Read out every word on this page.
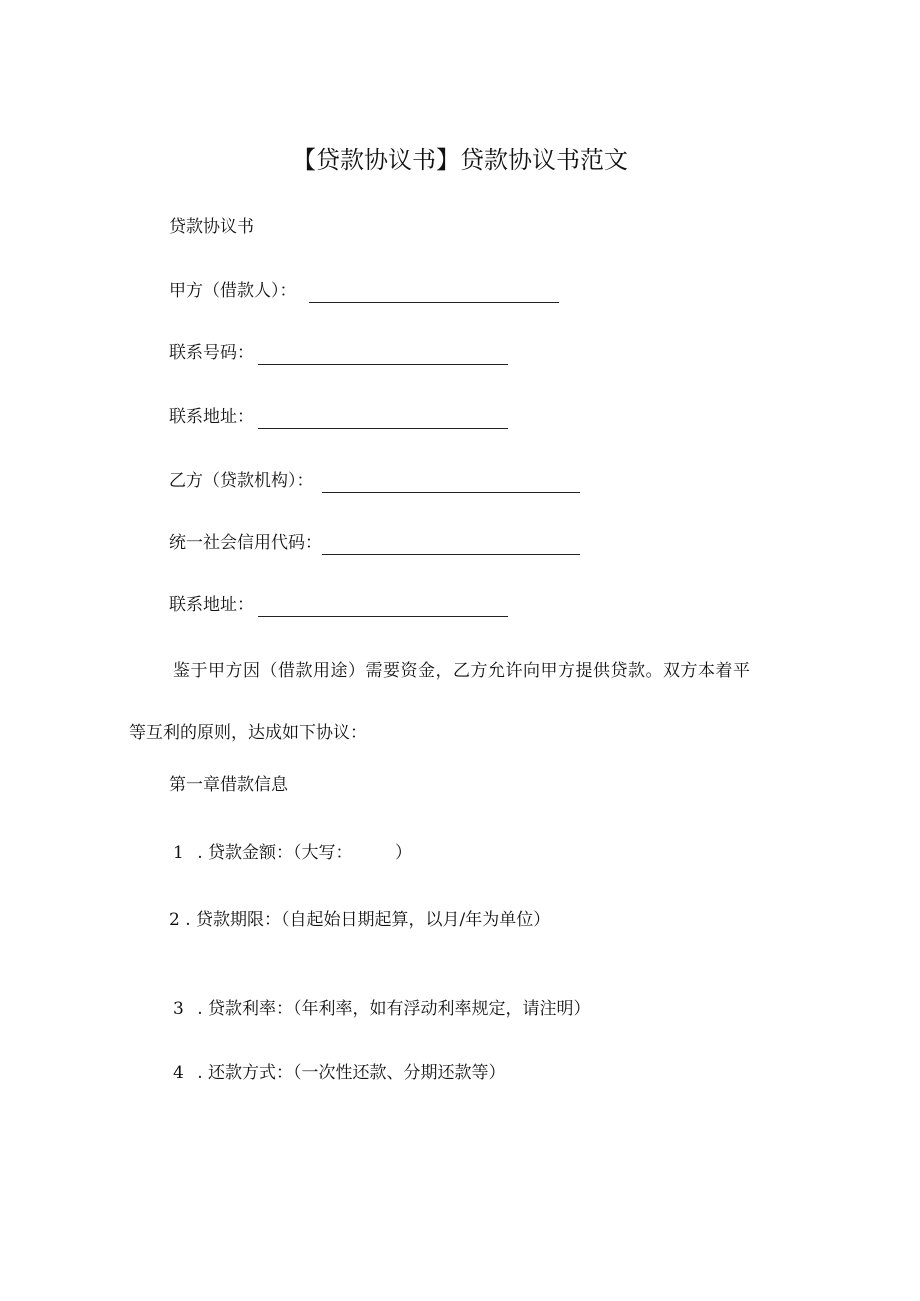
【贷款协议书】贷款协议书范文
贷款协议书
甲方（借款人）：
联系号码：
联系地址：
乙方（贷款机构）：
统一社会信用代码：
联系地址：
鉴于甲方因（借款用途）需要资金，乙方允许向甲方提供贷款。双方本着平
等互利的原则，达成如下协议：
第一章借款信息
1 . 贷款金额：（大写：　　　）
2 . 贷款期限：（自起始日期起算，以月/年为单位）
3 . 贷款利率：（年利率，如有浮动利率规定，请注明）
4 . 还款方式：（一次性还款、分期还款等）
